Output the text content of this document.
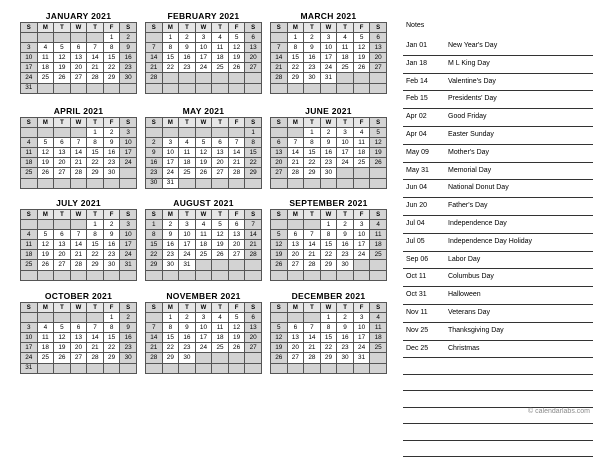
JANUARY 2021
S	M	T	W	T	F	S
					1	2
3	4	5	6	7	8	9
10	11	12	13	14	15	16
17	18	19	20	21	22	23
24	25	26	27	28	29	30
31						
FEBRUARY 2021
S	M	T	W	T	F	S
	1	2	3	4	5	6
7	8	9	10	11	12	13
14	15	16	17	18	19	20
21	22	23	24	25	26	27
28						

MARCH 2021
S	M	T	W	T	F	S
	1	2	3	4	5	6
7	8	9	10	11	12	13
14	15	16	17	18	19	20
21	22	23	24	25	26	27
28	29	30	31			

APRIL 2021
S	M	T	W	T	F	S
				1	2	3
4	5	6	7	8	9	10
11	12	13	14	15	16	17
18	19	20	21	22	23	24
25	26	27	28	29	30	

MAY 2021
S	M	T	W	T	F	S
						1
2	3	4	5	6	7	8
9	10	11	12	13	14	15
16	17	18	19	20	21	22
23	24	25	26	27	28	29
30	31					
JUNE 2021
S	M	T	W	T	F	S
		1	2	3	4	5
6	7	8	9	10	11	12
13	14	15	16	17	18	19
20	21	22	23	24	25	26
27	28	29	30			

JULY 2021
S	M	T	W	T	F	S
				1	2	3
4	5	6	7	8	9	10
11	12	13	14	15	16	17
18	19	20	21	22	23	24
25	26	27	28	29	30	31

AUGUST 2021
S	M	T	W	T	F	S
1	2	3	4	5	6	7
8	9	10	11	12	13	14
15	16	17	18	19	20	21
22	23	24	25	26	27	28
29	30	31				

SEPTEMBER 2021
S	M	T	W	T	F	S
			1	2	3	4
5	6	7	8	9	10	11
12	13	14	15	16	17	18
19	20	21	22	23	24	25
26	27	28	29	30		

OCTOBER 2021
S	M	T	W	T	F	S
					1	2
3	4	5	6	7	8	9
10	11	12	13	14	15	16
17	18	19	20	21	22	23
24	25	26	27	28	29	30
31						
NOVEMBER 2021
S	M	T	W	T	F	S
	1	2	3	4	5	6
7	8	9	10	11	12	13
14	15	16	17	18	19	20
21	22	23	24	25	26	27
28	29	30				

DECEMBER 2021
S	M	T	W	T	F	S
			1	2	3	4
5	6	7	8	9	10	11
12	13	14	15	16	17	18
19	20	21	22	23	24	25
26	27	28	29	30	31	

Notes
Jan 01	New Year's Day
Jan 18	M L King Day
Feb 14	Valentine's Day
Feb 15	Presidents' Day
Apr 02	Good Friday
Apr 04	Easter Sunday
May 09	Mother's Day
May 31	Memorial Day
Jun 04	National Donut Day
Jun 20	Father's Day
Jul 04	Independence Day
Jul 05	Independence Day Holiday
Sep 06	Labor Day
Oct 11	Columbus Day
Oct 31	Halloween
Nov 11	Veterans Day
Nov 25	Thanksgiving Day
Dec 25	Christmas
© calendarlabs.com
